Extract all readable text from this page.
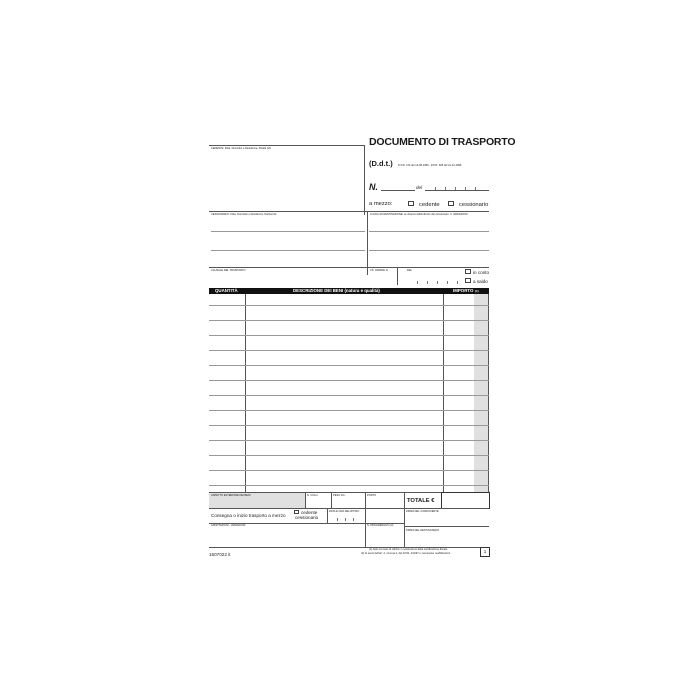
CEDENTE: Ditta, Domicilio o Residenza, Partita IVA
DOCUMENTO DI TRASPORTO
(D.d.t.) D.P.R. 472 del 14-08-1996 - D.P.R. 696 del 21-12-1996
N.	del
a mezzo:	cedente	cessionario
CESSIONARIO: Ditta, Domicilio o Residenza, Partita IVA	LUOGO DI DESTINAZIONE: se diverso dall'indirizzo del cessionario: V. VARIAZIONI
CAUSALE DEL TRASPORTO	VS. ORDINE N.	DEL	in conto
a saldo
QUANTITÀ	DESCRIZIONE DEI BENI (natura e qualità)	IMPORTO (1)
ASPETTO ESTERIORE DEI BENI	N. COLLI	PESO KG.	PORTO
TOTALE €
Consegna o inizio trasporto a mezzo
cedente
cessionario
DATA E ORA DEL RITIRO	FIRMA DEL CONDUCENTE
ANNOTAZIONI - VARIAZIONI	N. PROGRESSIVO (2)
FIRMA DEL DESTINATARIO
1607022 it
(1) Solo nel caso di utilizzo in sostituzione della certificazione fiscale.
(2) Ai sensi dell'art. 2, comma 2, del D.P.R. 441/97 e successive modificazioni.	1
